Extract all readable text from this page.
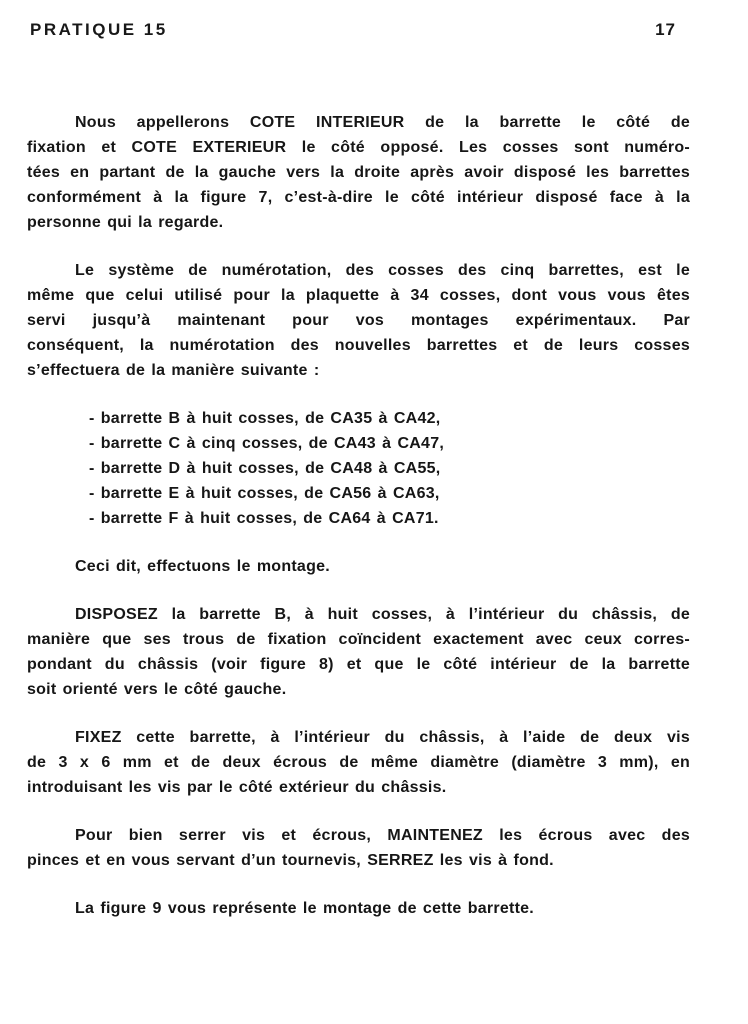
PRATIQUE 15	17
Nous appellerons COTE INTERIEUR de la barrette le côté de
fixation et COTE EXTERIEUR le côté opposé. Les cosses sont numéro-
tées en partant de la gauche vers la droite après avoir disposé les barrettes
conformément à la figure 7, c’est-à-dire le côté intérieur disposé face à la
personne qui la regarde.
Le système de numérotation, des cosses des cinq barrettes, est le
même que celui utilisé pour la plaquette à 34 cosses, dont vous vous êtes
servi jusqu’à maintenant pour vos montages expérimentaux. Par
conséquent, la numérotation des nouvelles barrettes et de leurs cosses
s’effectuera de la manière suivante :
- barrette B à huit cosses, de CA35 à CA42,
- barrette C à cinq cosses, de CA43 à CA47,
- barrette D à huit cosses, de CA48 à CA55,
- barrette E à huit cosses, de CA56 à CA63,
- barrette F à huit cosses, de CA64 à CA71.
Ceci dit, effectuons le montage.
DISPOSEZ la barrette B, à huit cosses, à l’intérieur du châssis, de
manière que ses trous de fixation coïncident exactement avec ceux corres-
pondant du châssis (voir figure 8) et que le côté intérieur de la barrette
soit orienté vers le côté gauche.
FIXEZ cette barrette, à l’intérieur du châssis, à l’aide de deux vis
de 3 x 6 mm et de deux écrous de même diamètre (diamètre 3 mm), en
introduisant les vis par le côté extérieur du châssis.
Pour bien serrer vis et écrous, MAINTENEZ les écrous avec des
pinces et en vous servant d’un tournevis, SERREZ les vis à fond.
La figure 9 vous représente le montage de cette barrette.
